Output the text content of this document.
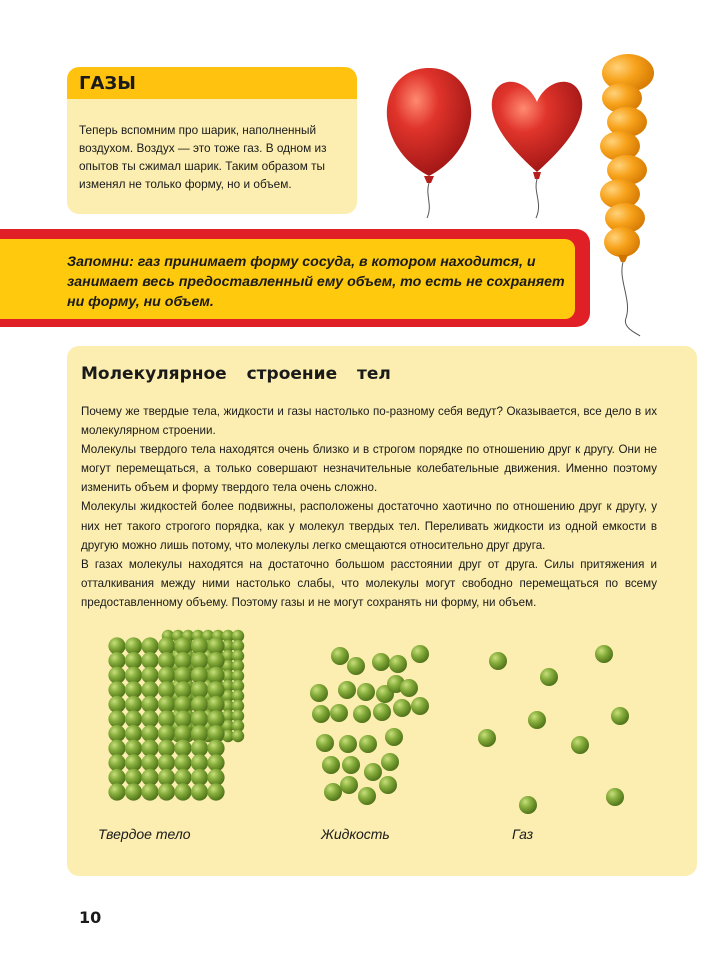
ГАЗЫ
Теперь вспомним про шарик, наполненный воздухом. Воздух — это тоже газ. В одном из опытов ты сжимал шарик. Таким образом ты изменял не только форму, но и объем.
Запомни: газ принимает форму сосуда, в котором находится, и занимает весь предоставленный ему объем, то есть не сохраняет ни форму, ни объем.
Молекулярное строение тел

Почему же твердые тела, жидкости и газы настолько по-разному себя ведут? Оказывается, все дело в их молекулярном строении.

Молекулы твердого тела находятся очень близко и в строгом порядке по отношению друг к другу. Они не могут перемещаться, а только совершают незначительные колебательные движения. Именно поэтому изменить объем и форму твердого тела очень сложно.

Молекулы жидкостей более подвижны, расположены достаточно хаотично по отношению друг к другу, у них нет такого строгого порядка, как у молекул твердых тел. Переливать жидкости из одной емкости в другую можно лишь потому, что молекулы легко смещаются относительно друг друга.

В газах молекулы находятся на достаточно большом расстоянии друг от друга. Силы притяжения и отталкивания между ними настолько слабы, что молекулы могут свободно перемещаться по всему предоставленному объему. Поэтому газы и не могут сохранять ни форму, ни объем.

Твердое тело	Жидкость	Газ
10
